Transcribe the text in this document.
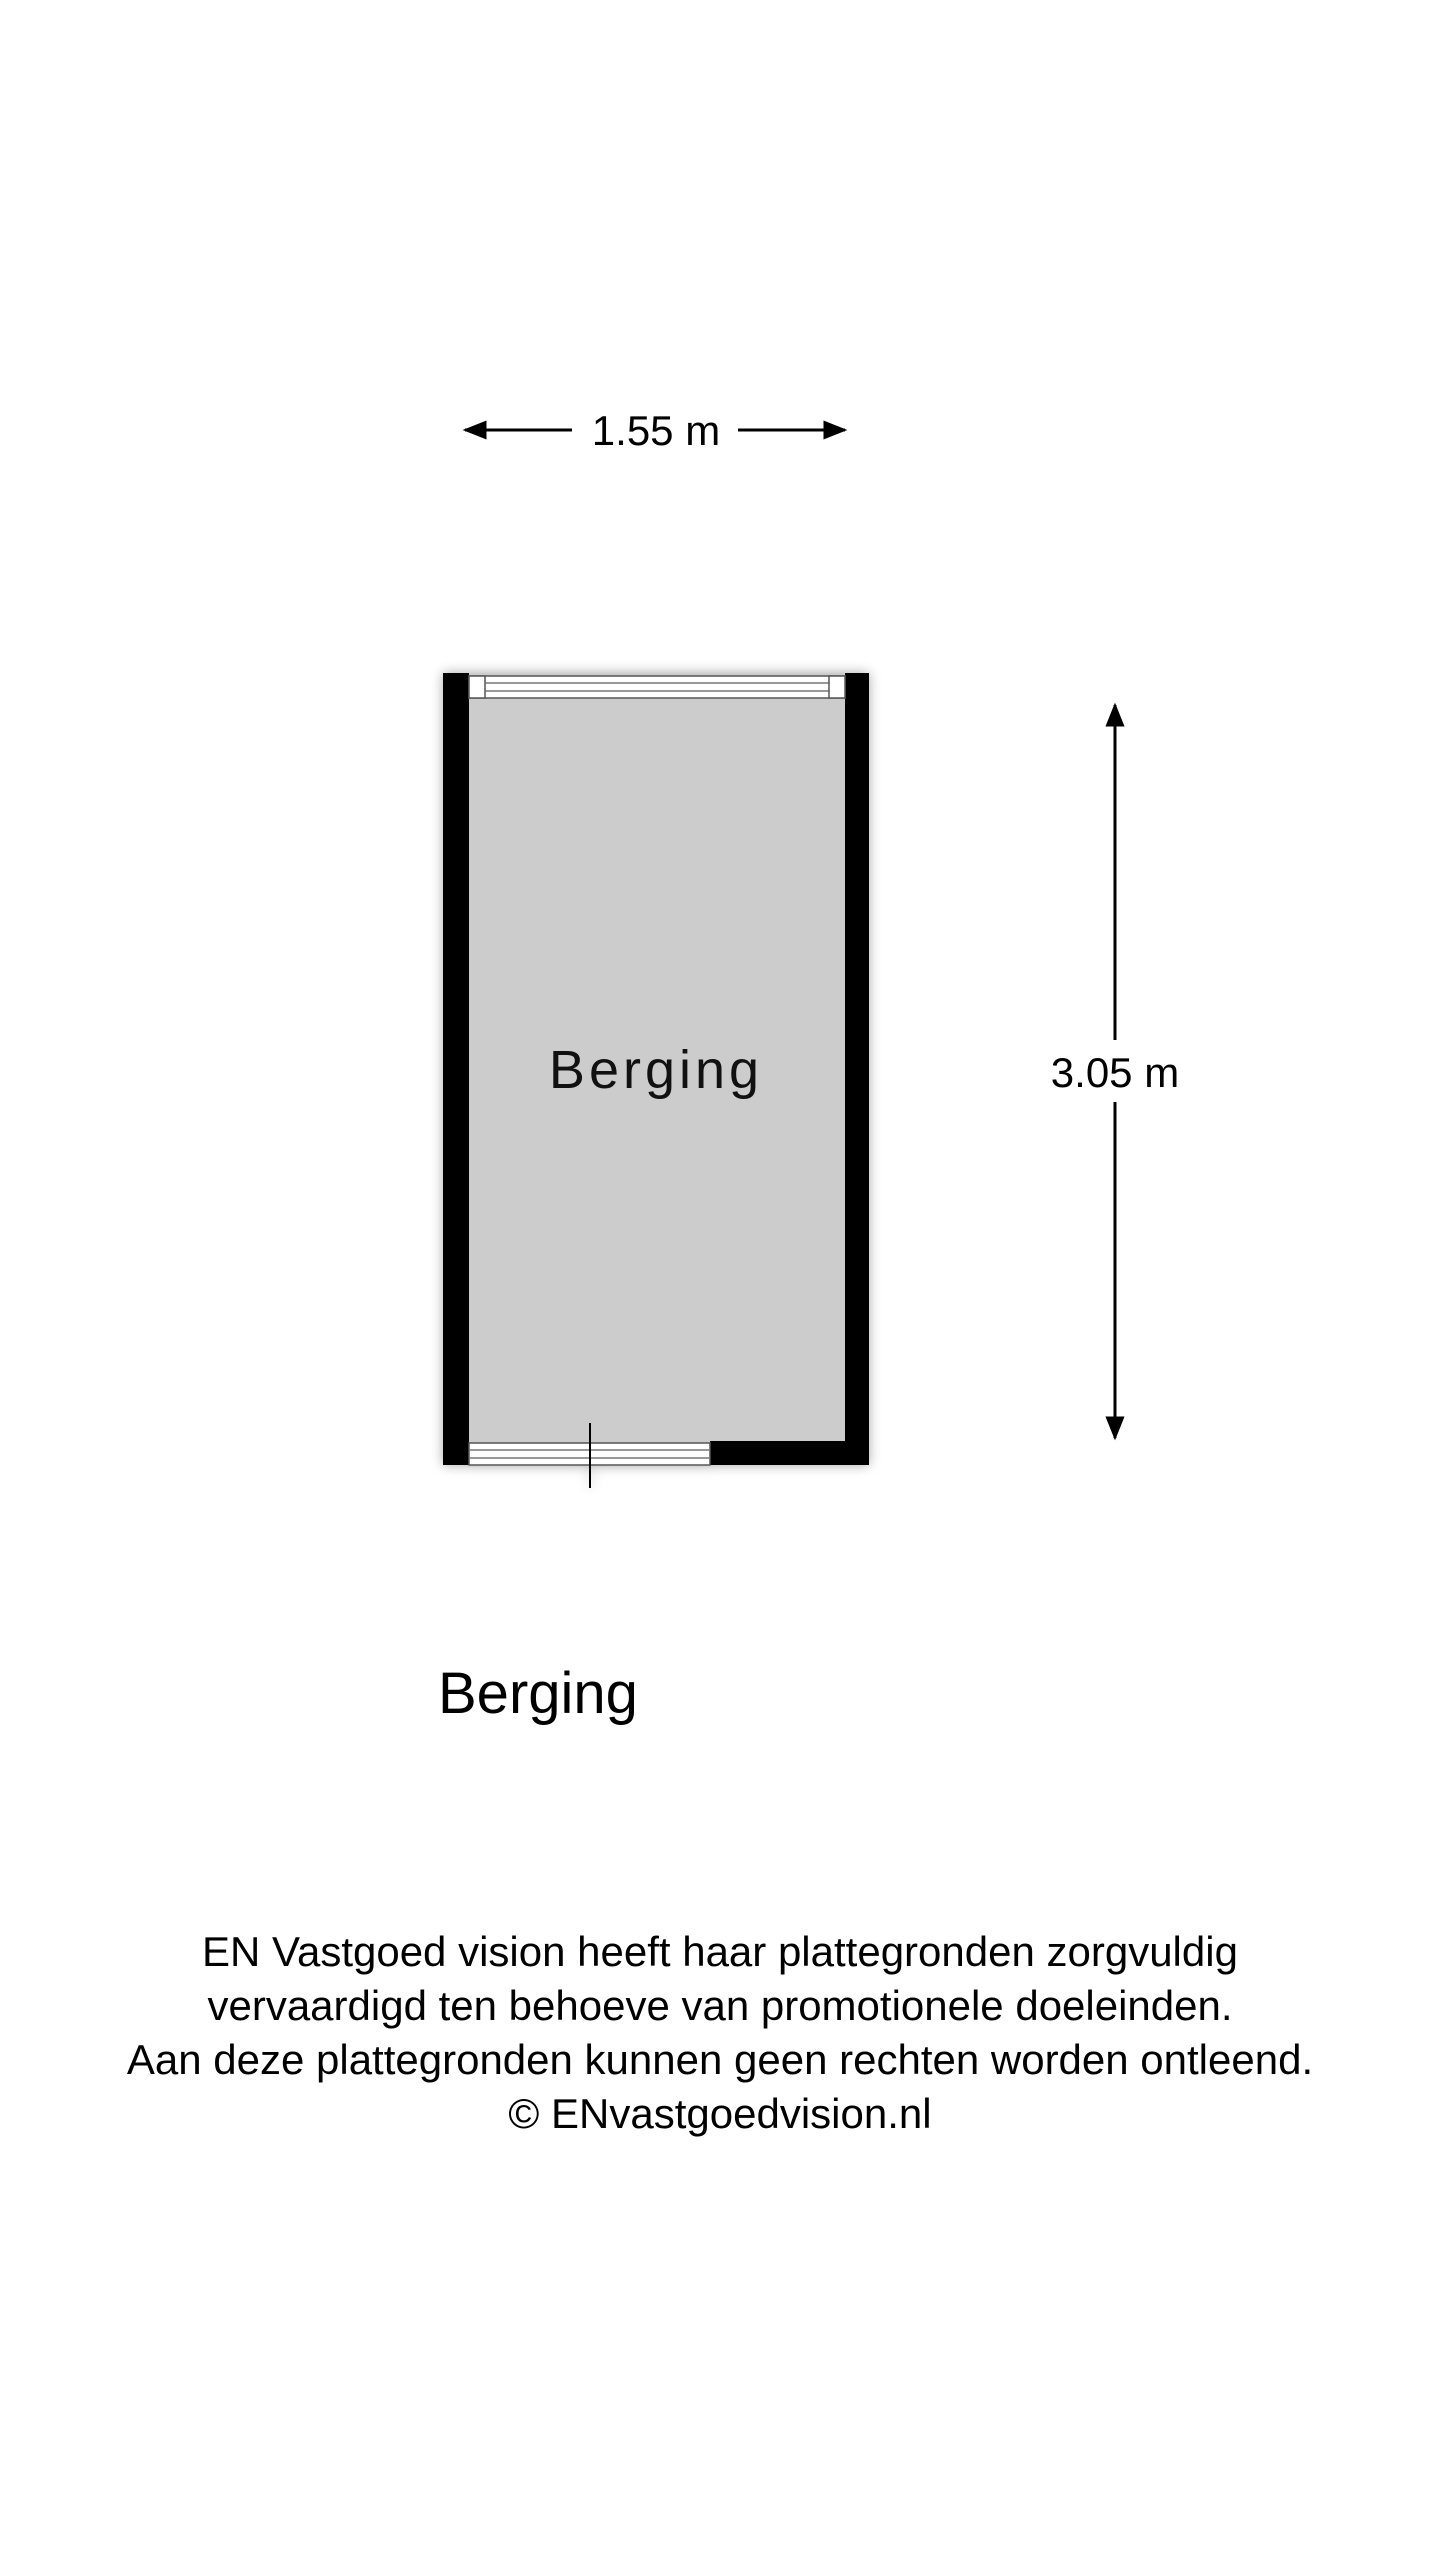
1.55 m
Berging	3.05 m
Berging
EN Vastgoed vision heeft haar plattegronden zorgvuldig
vervaardigd ten behoeve van promotionele doeleinden.
Aan deze plattegronden kunnen geen rechten worden ontleend.
© ENvastgoedvision.nl
